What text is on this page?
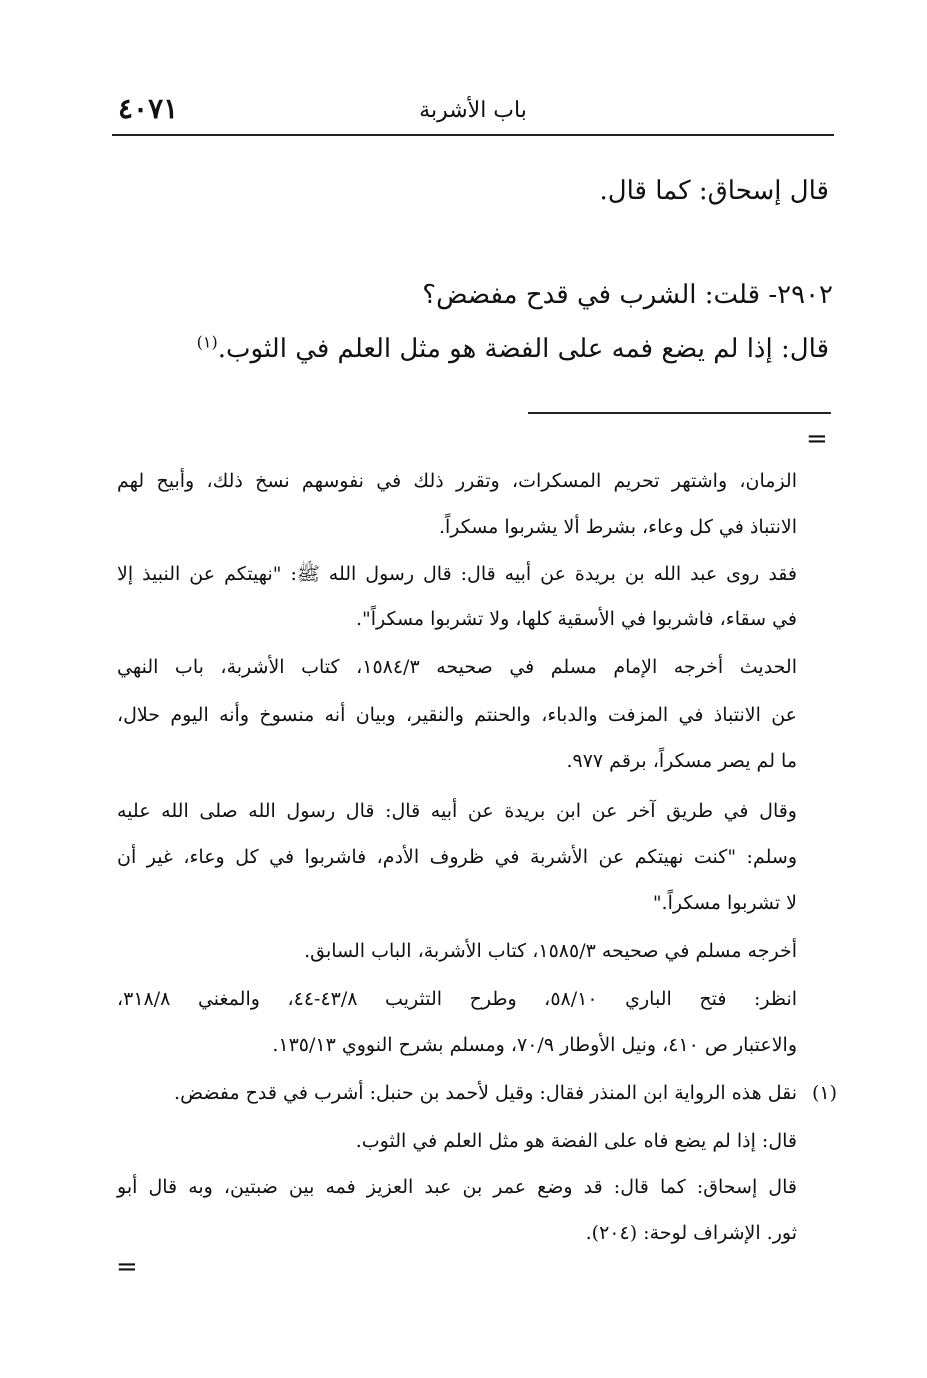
باب الأشربة
٤٠٧١
قال إسحاق: كما قال.
٢٩٠٢- قلت: الشرب في قدح مفضض؟
قال: إذا لم يضع فمه على الفضة هو مثل العلم في الثوب.$^{(١)}$
=
الزمان، واشتهر تحريم المسكرات، وتقرر ذلك في نفوسهم نسخ ذلك، وأبيح لهم
الانتباذ في كل وعاء، بشرط ألا يشربوا مسكراً.
فقد روى عبد الله بن بريدة عن أبيه قال: قال رسول الله ﷺ: "نهيتكم عن النبيذ إلا
في سقاء، فاشربوا في الأسقية كلها، ولا تشربوا مسكراً".
الحديث أخرجه الإمام مسلم في صحيحه ١٥٨٤/٣، كتاب الأشربة، باب النهي
عن الانتباذ في المزفت والدباء، والحنتم والنقير، وبيان أنه منسوخ وأنه اليوم حلال،
ما لم يصر مسكراً، برقم ٩٧٧.
وقال في طريق آخر عن ابن بريدة عن أبيه قال: قال رسول الله صلى الله عليه
وسلم: "كنت نهيتكم عن الأشربة في ظروف الأدم، فاشربوا في كل وعاء، غير أن
لا تشربوا مسكراً."
أخرجه مسلم في صحيحه ١٥٨٥/٣، كتاب الأشربة، الباب السابق.
انظر: فتح الباري ٥٨/١٠، وطرح التثريب ٤٣/٨-٤٤، والمغني ٣١٨/٨،
والاعتبار ص ٤١٠، ونيل الأوطار ٧٠/٩، ومسلم بشرح النووي ١٣٥/١٣.
(١)
نقل هذه الرواية ابن المنذر فقال: وقيل لأحمد بن حنبل: أشرب في قدح مفضض.
قال: إذا لم يضع فاه على الفضة هو مثل العلم في الثوب.
قال إسحاق: كما قال: قد وضع عمر بن عبد العزيز فمه بين ضبتين، وبه قال أبو
ثور. الإشراف لوحة: (٢٠٤).
=
